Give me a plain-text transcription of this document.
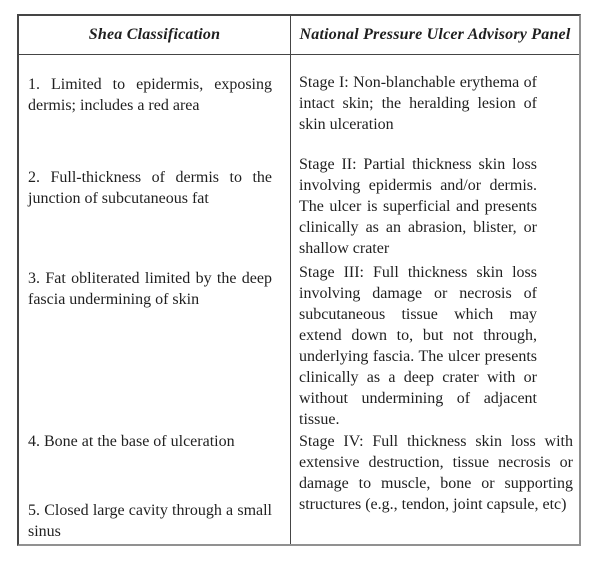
Shea Classification	National Pressure Ulcer Advisory Panel

1. Limited to epidermis, exposing dermis; includes a red area

Stage I: Non-blanchable erythema of intact skin; the heralding lesion of skin ulceration

2. Full-thickness of dermis to the junction of subcutaneous fat

Stage II: Partial thickness skin loss involving epidermis and/or dermis. The ulcer is superficial and presents clinically as an abrasion, blister, or shallow crater

3. Fat obliterated limited by the deep fascia undermining of skin

Stage III: Full thickness skin loss involving damage or necrosis of subcutaneous tissue which may extend down to, but not through, underlying fascia. The ulcer presents clinically as a deep crater with or without undermining of adjacent tissue.

4. Bone at the base of ulceration

5. Closed large cavity through a small sinus

Stage IV: Full thickness skin loss with extensive destruction, tissue necrosis or damage to muscle, bone or supporting structures (e.g., tendon, joint capsule, etc)
